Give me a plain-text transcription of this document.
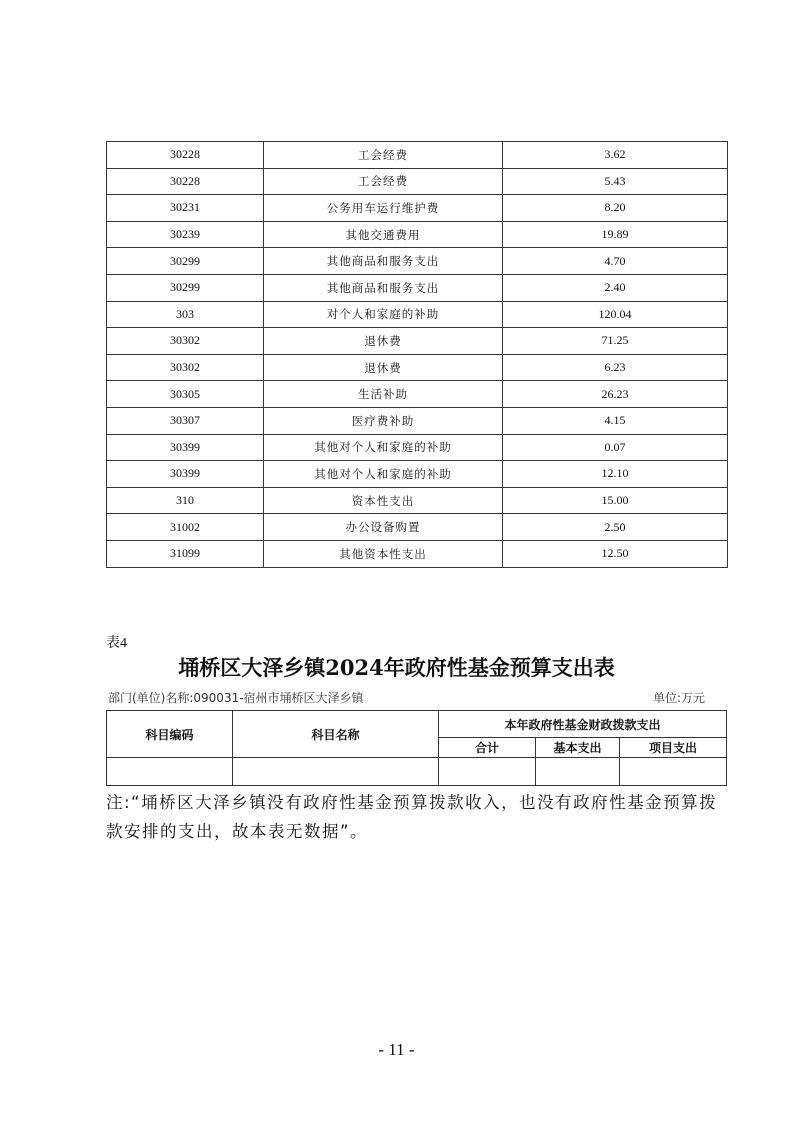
30228	工会经费	3.62
30228	工会经费	5.43
30231	公务用车运行维护费	8.20
30239	其他交通费用	19.89
30299	其他商品和服务支出	4.70
30299	其他商品和服务支出	2.40
303	对个人和家庭的补助	120.04
30302	退休费	71.25
30302	退休费	6.23
30305	生活补助	26.23
30307	医疗费补助	4.15
30399	其他对个人和家庭的补助	0.07
30399	其他对个人和家庭的补助	12.10
310	资本性支出	15.00
31002	办公设备购置	2.50
31099	其他资本性支出	12.50
表4
埇桥区大泽乡镇2024年政府性基金预算支出表
部门(单位)名称:090031-宿州市埇桥区大泽乡镇	单位:万元
科目编码	科目名称	本年政府性基金财政拨款支出		
		合计	基本支出	项目支出

注:“埇桥区大泽乡镇没有政府性基金预算拨款收入，也没有政府性基金预算拨款安排的支出，故本表无数据”。
- 11 -
